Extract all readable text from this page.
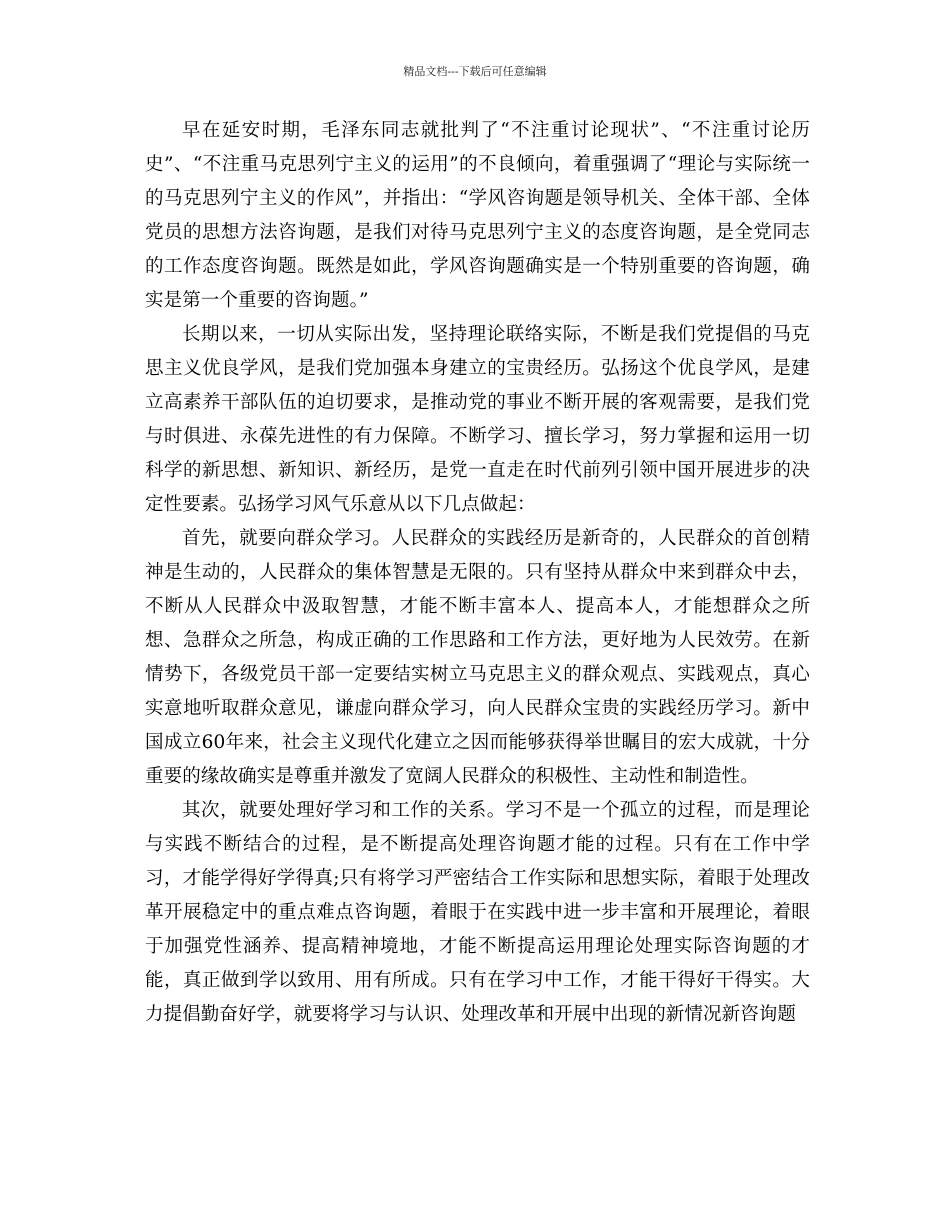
精品文档---下载后可任意编辑

早在延安时期，毛泽东同志就批判了“不注重讨论现状”、“不注重讨论历史”、“不注重马克思列宁主义的运用”的不良倾向，着重强调了“理论与实际统一的马克思列宁主义的作风”，并指出：“学风咨询题是领导机关、全体干部、全体党员的思想方法咨询题，是我们对待马克思列宁主义的态度咨询题，是全党同志的工作态度咨询题。既然是如此，学风咨询题确实是一个特别重要的咨询题，确实是第一个重要的咨询题。”

长期以来，一切从实际出发，坚持理论联络实际，不断是我们党提倡的马克思主义优良学风，是我们党加强本身建立的宝贵经历。弘扬这个优良学风，是建立高素养干部队伍的迫切要求，是推动党的事业不断开展的客观需要，是我们党与时俱进、永葆先进性的有力保障。不断学习、擅长学习，努力掌握和运用一切科学的新思想、新知识、新经历，是党一直走在时代前列引领中国开展进步的决定性要素。弘扬学习风气乐意从以下几点做起：

首先，就要向群众学习。人民群众的实践经历是新奇的，人民群众的首创精神是生动的，人民群众的集体智慧是无限的。只有坚持从群众中来到群众中去，不断从人民群众中汲取智慧，才能不断丰富本人、提高本人，才能想群众之所想、急群众之所急，构成正确的工作思路和工作方法，更好地为人民效劳。在新情势下，各级党员干部一定要结实树立马克思主义的群众观点、实践观点，真心实意地听取群众意见，谦虚向群众学习，向人民群众宝贵的实践经历学习。新中国成立60年来，社会主义现代化建立之因而能够获得举世瞩目的宏大成就，十分重要的缘故确实是尊重并激发了宽阔人民群众的积极性、主动性和制造性。

其次，就要处理好学习和工作的关系。学习不是一个孤立的过程，而是理论与实践不断结合的过程，是不断提高处理咨询题才能的过程。只有在工作中学习，才能学得好学得真;只有将学习严密结合工作实际和思想实际，着眼于处理改革开展稳定中的重点难点咨询题，着眼于在实践中进一步丰富和开展理论，着眼于加强党性涵养、提高精神境地，才能不断提高运用理论处理实际咨询题的才能，真正做到学以致用、用有所成。只有在学习中工作，才能干得好干得实。大力提倡勤奋好学，就要将学习与认识、处理改革和开展中出现的新情况新咨询题
